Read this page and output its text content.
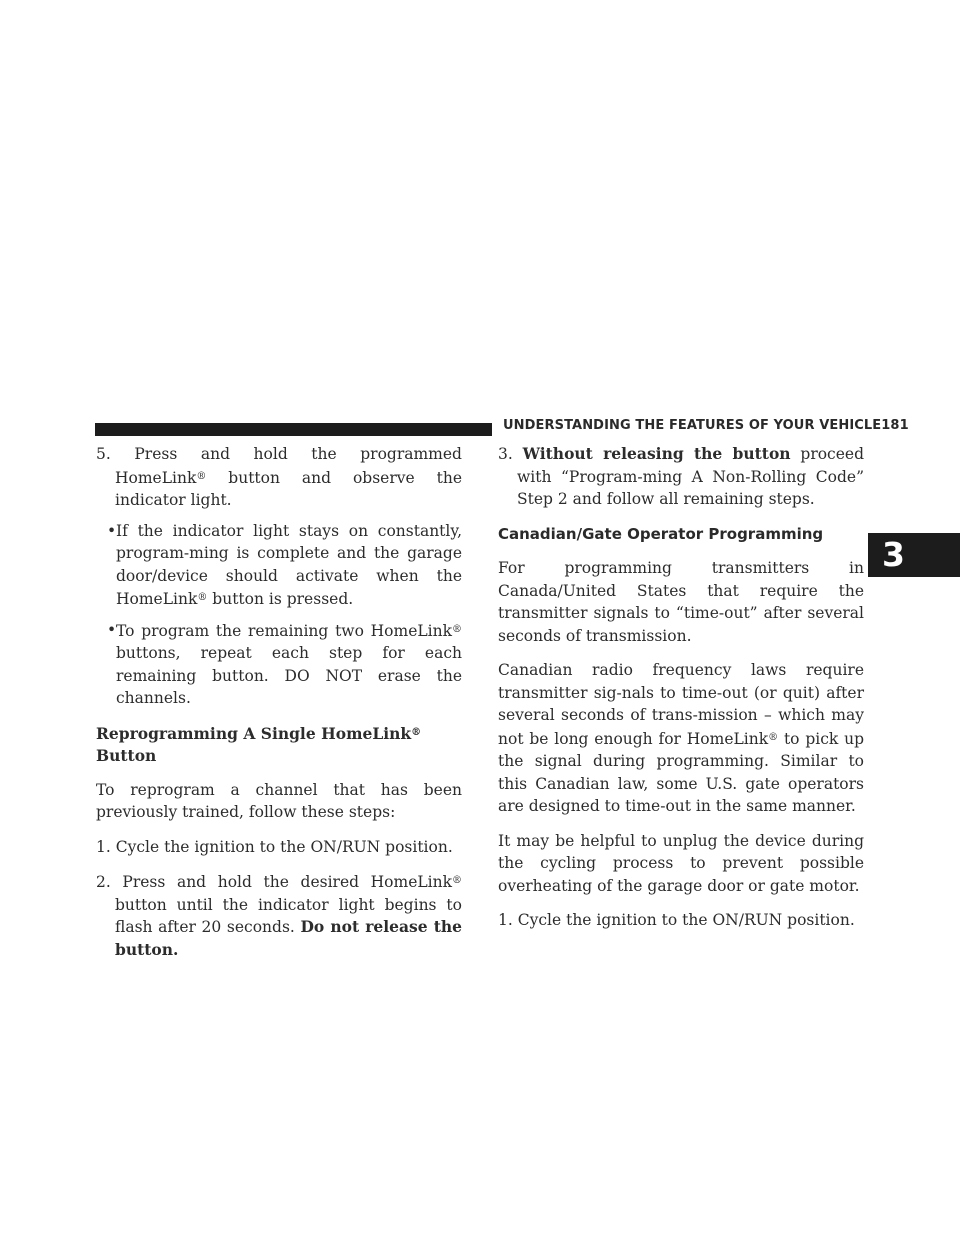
UNDERSTANDING THE FEATURES OF YOUR VEHICLE 181
3

5. Press and hold the programmed HomeLink® button and observe the indicator light.

• If the indicator light stays on constantly, program-ming is complete and the garage door/device should activate when the HomeLink® button is pressed.

• To program the remaining two HomeLink® buttons, repeat each step for each remaining button. DO NOT erase the channels.

Reprogramming A Single HomeLink® Button

To reprogram a channel that has been previously trained, follow these steps:

1. Cycle the ignition to the ON/RUN position.

2. Press and hold the desired HomeLink® button until the indicator light begins to flash after 20 seconds. Do not release the button.

3. Without releasing the button proceed with “Program-ming A Non-Rolling Code” Step 2 and follow all remaining steps.

Canadian/Gate Operator Programming

For programming transmitters in Canada/United States that require the transmitter signals to “time-out” after several seconds of transmission.

Canadian radio frequency laws require transmitter sig-nals to time-out (or quit) after several seconds of trans-mission – which may not be long enough for HomeLink® to pick up the signal during programming. Similar to this Canadian law, some U.S. gate operators are designed to time-out in the same manner.

It may be helpful to unplug the device during the cycling process to prevent possible overheating of the garage door or gate motor.

1. Cycle the ignition to the ON/RUN position.
